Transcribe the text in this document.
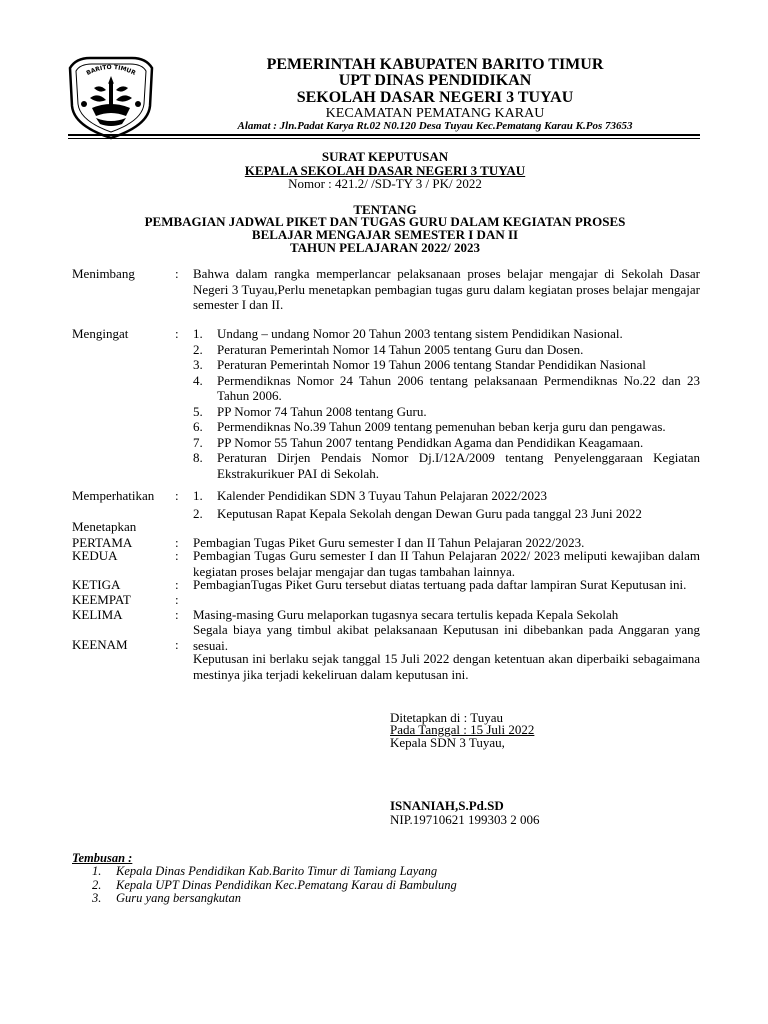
BARITO TIMUR	PEMERINTAH KABUPATEN BARITO TIMUR
UPT DINAS PENDIDIKAN
SEKOLAH DASAR NEGERI 3 TUYAU
KECAMATAN PEMATANG KARAU
Alamat : Jln.Padat Karya Rt.02 N0.120 Desa Tuyau Kec.Pematang Karau K.Pos 73653
SURAT KEPUTUSAN
KEPALA SEKOLAH DASAR NEGERI 3 TUYAU
Nomor : 421.2/ /SD-TY 3 / PK/ 2022
TENTANG
PEMBAGIAN JADWAL PIKET DAN TUGAS GURU DALAM KEGIATAN PROSES
BELAJAR MENGAJAR SEMESTER I DAN II
TAHUN PELAJARAN 2022/ 2023
Menimbang	: Bahwa dalam rangka memperlancar pelaksanaan proses belajar mengajar di Sekolah Dasar Negeri 3 Tuyau,Perlu menetapkan pembagian tugas guru dalam kegiatan proses belajar mengajar semester I dan II.
Mengingat	: 1. Undang – undang Nomor 20 Tahun 2003 tentang sistem Pendidikan Nasional.
2. Peraturan Pemerintah Nomor 14 Tahun 2005 tentang Guru dan Dosen.
3. Peraturan Pemerintah Nomor 19 Tahun 2006 tentang Standar Pendidikan Nasional
4. Permendiknas Nomor 24 Tahun 2006 tentang pelaksanaan Permendiknas No.22 dan 23 Tahun 2006.
5. PP Nomor 74 Tahun 2008 tentang Guru.
6. Permendiknas No.39 Tahun 2009 tentang pemenuhan beban kerja guru dan pengawas.
7. PP Nomor 55 Tahun 2007 tentang Pendidkan Agama dan Pendidikan Keagamaan.
8. Peraturan Dirjen Pendais Nomor Dj.I/12A/2009 tentang Penyelenggaraan Kegiatan Ekstrakurikuer PAI di Sekolah.
Memperhatikan : 1. Kalender Pendidikan SDN 3 Tuyau Tahun Pelajaran 2022/2023
2. Keputusan Rapat Kepala Sekolah dengan Dewan Guru pada tanggal 23 Juni 2022
Menetapkan
PERTAMA	: Pembagian Tugas Piket Guru semester I dan II Tahun Pelajaran 2022/2023.
KEDUA	: Pembagian Tugas Guru semester I dan II Tahun Pelajaran 2022/ 2023 meliputi kewajiban dalam kegiatan proses belajar mengajar dan tugas tambahan lainnya.
KETIGA	: PembagianTugas Piket Guru tersebut diatas tertuang pada daftar lampiran Surat Keputusan ini.
KEEMPAT	:
KELIMA	: Masing-masing Guru melaporkan tugasnya secara tertulis kepada Kepala Sekolah
Segala biaya yang timbul akibat pelaksanaan Keputusan ini dibebankan pada Anggaran yang sesuai.
KEENAM	:
Keputusan ini berlaku sejak tanggal 15 Juli 2022 dengan ketentuan akan diperbaiki sebagaimana mestinya jika terjadi kekeliruan dalam keputusan ini.
Ditetapkan di : Tuyau
Pada Tanggal : 15 Juli 2022
Kepala SDN 3 Tuyau,
ISNANIAH,S.Pd.SD
NIP.19710621 199303 2 006
Tembusan :
1. Kepala Dinas Pendidikan Kab.Barito Timur di Tamiang Layang
2. Kepala UPT Dinas Pendidikan Kec.Pematang Karau di Bambulung
3. Guru yang bersangkutan
